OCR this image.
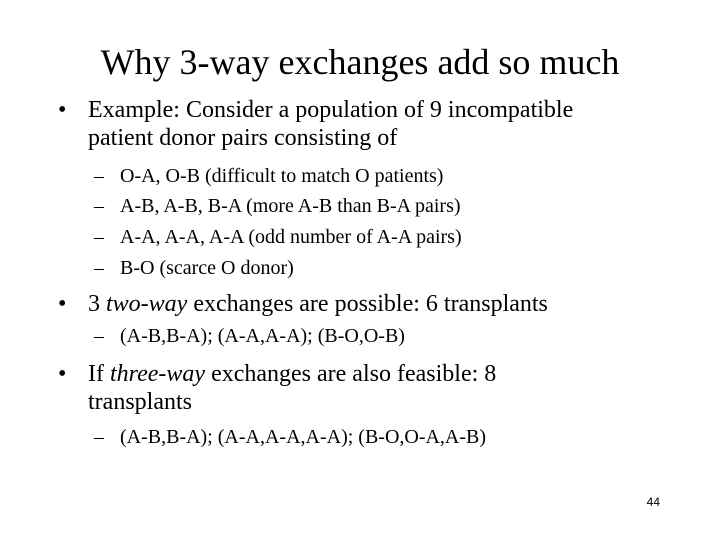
Why 3-way exchanges add so much
• Example: Consider a population of 9 incompatible
patient donor pairs consisting of
– O-A, O-B (difficult to match O patients)
– A-B, A-B, B-A (more A-B than B-A pairs)
– A-A, A-A, A-A (odd number of A-A pairs)
– B-O (scarce O donor)
• 3 two-way exchanges are possible: 6 transplants
– (A-B,B-A); (A-A,A-A); (B-O,O-B)
• If three-way exchanges are also feasible: 8
transplants
– (A-B,B-A); (A-A,A-A,A-A); (B-O,O-A,A-B)
44
